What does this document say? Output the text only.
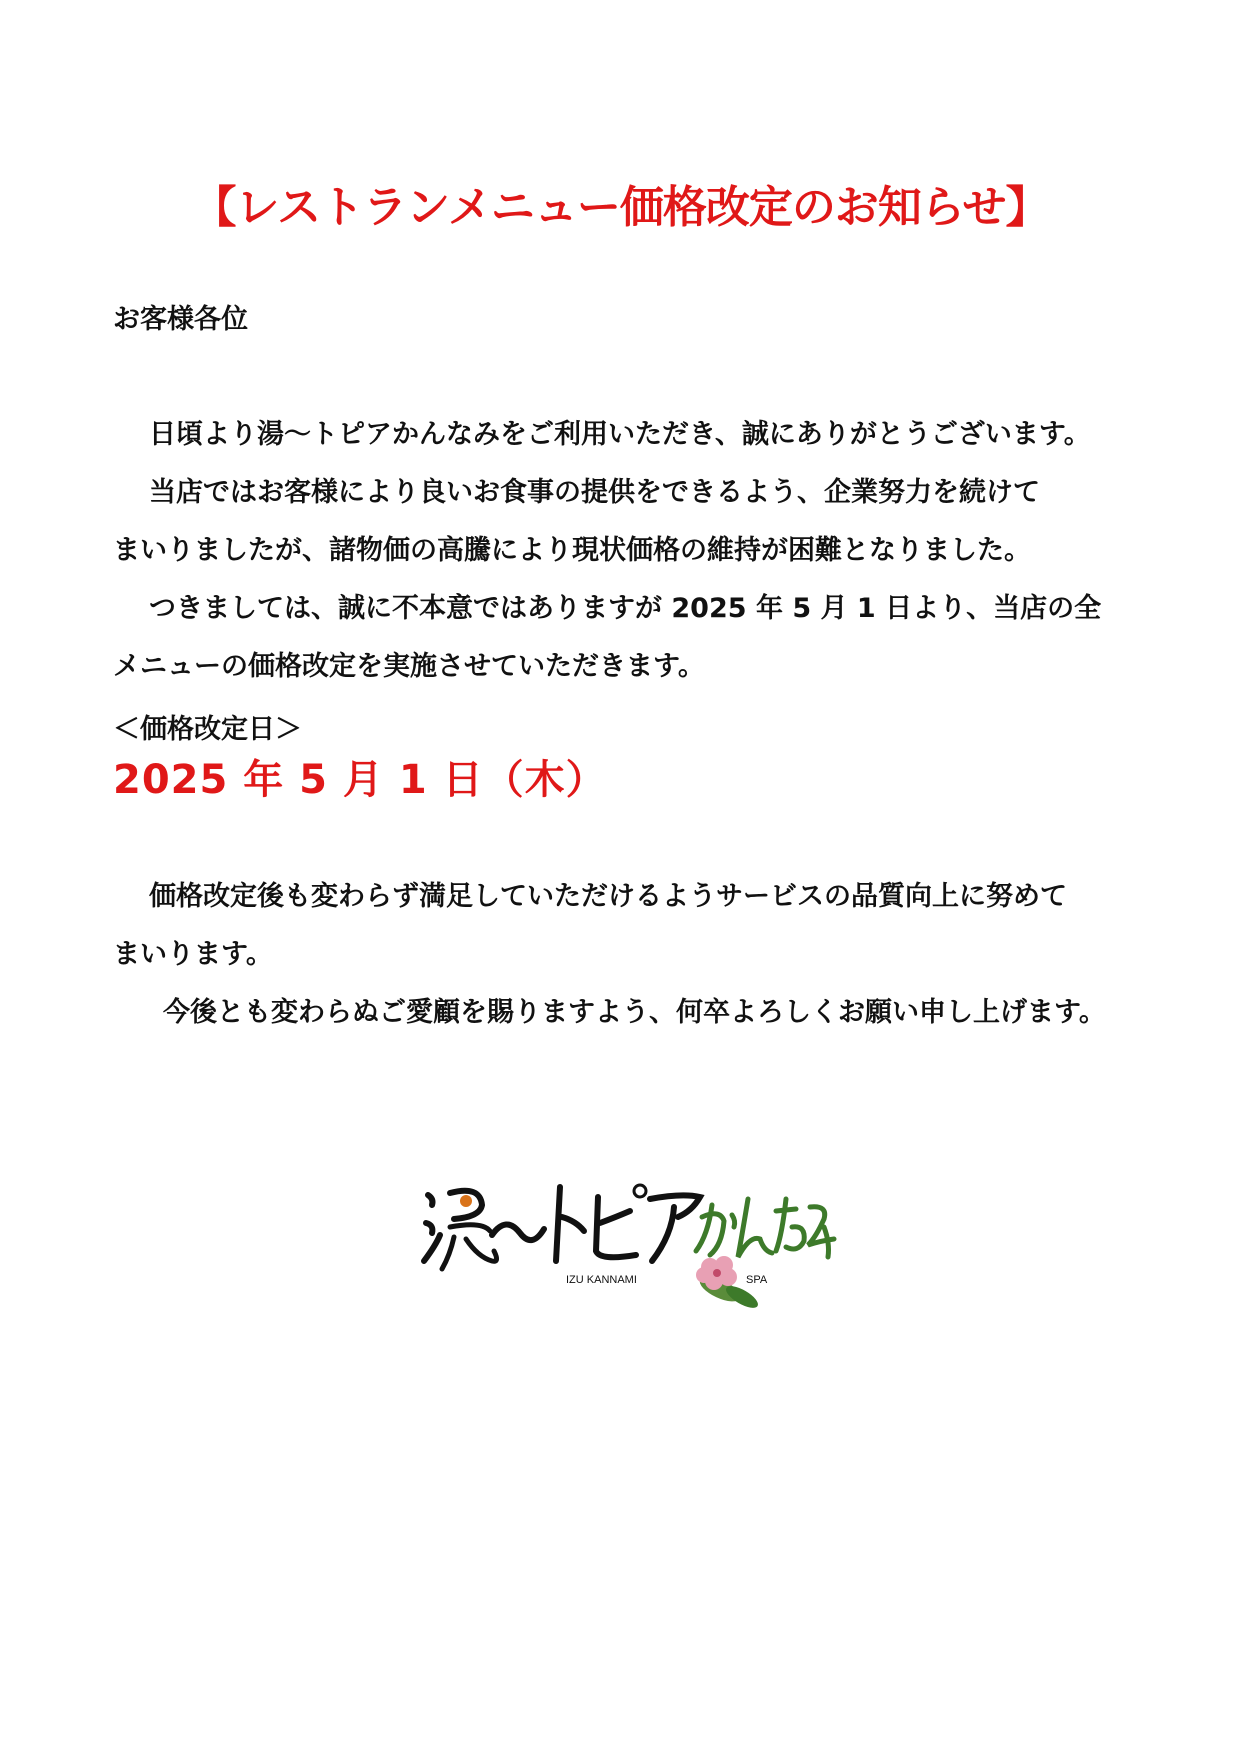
【レストランメニュー価格改定のお知らせ】
お客様各位

日頃より湯～トピアかんなみをご利用いただき、誠にありがとうございます。

当店ではお客様により良いお食事の提供をできるよう、企業努力を続けて

まいりましたが、諸物価の高騰により現状価格の維持が困難となりました。

つきましては、誠に不本意ではありますが 2025 年 5 月 1 日より、当店の全

メニューの価格改定を実施させていただきます。

＜価格改定日＞
2025 年 5 月 1 日（木）

価格改定後も変わらず満足していただけるようサービスの品質向上に努めて

まいります。

今後とも変わらぬご愛顧を賜りますよう、何卒よろしくお願い申し上げます。

IZU KANNAMI	SPA
